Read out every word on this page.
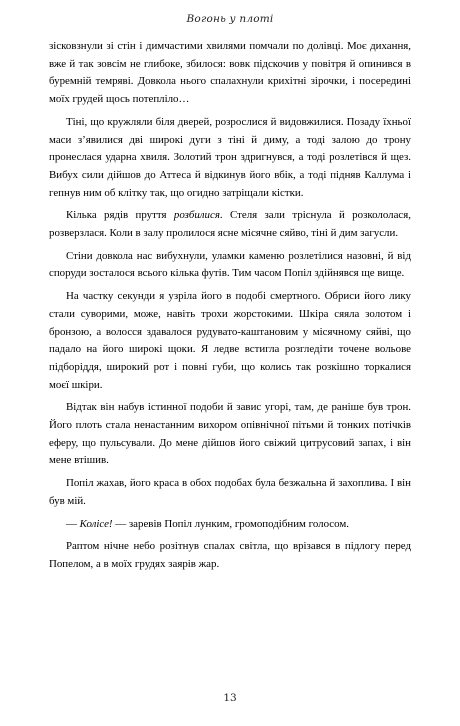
Вогонь у плоті

зісковзнули зі стін і димчастими хвилями помчали по долівці. Моє дихання, вже й так зовсім не глибоке, збилося: вовк підскочив у повітря й опинився в буремній темряві. Довкола нього спалахнули крихітні зірочки, і посередині моїх грудей щось потепліло…

Тіні, що кружляли біля дверей, розрослися й видовжилися. Позаду їхньої маси з’явилися дві широкі дуги з тіні й диму, а тоді залою до трону пронеслася ударна хвиля. Золотий трон здригнувся, а тоді розлетівся й щез. Вибух сили дійшов до Аттеса й відкинув його вбік, а тоді підняв Каллума і гепнув ним об клітку так, що огидно затріщали кістки.

Кілька рядів пруття розбилися. Стеля зали тріснула й розкололася, розверзлася. Коли в залу пролилося ясне місячне сяйво, тіні й дим загусли.

Стіни довкола нас вибухнули, уламки каменю розлетілися назовні, й від споруди зосталося всього кілька футів. Тим часом Попіл здійнявся ще вище.

На частку секунди я узріла його в подобі смертного. Обриси його лику стали суворими, може, навіть трохи жорстокими. Шкіра сяяла золотом і бронзою, а волосся здавалося рудувато-каштановим у місячному сяйві, що падало на його широкі щоки. Я ледве встигла розгледіти точене вольове підборіддя, широкий рот і повні губи, що колись так розкішно торкалися моєї шкіри.

Відтак він набув істинної подоби й завис угорі, там, де раніше був трон. Його плоть стала ненастанним вихором опівнічної пітьми й тонких потічків еферу, що пульсували. До мене дійшов його свіжий цитрусовий запах, і він мене втішив.

Попіл жахав, його краса в обох подобах була безжальна й захоплива. І він був мій.

— Колісе! — заревів Попіл лунким, громоподібним голосом.

Раптом нічне небо розітнув спалах світла, що врізався в підлогу перед Попелом, а в моїх грудях заярів жар.

13
